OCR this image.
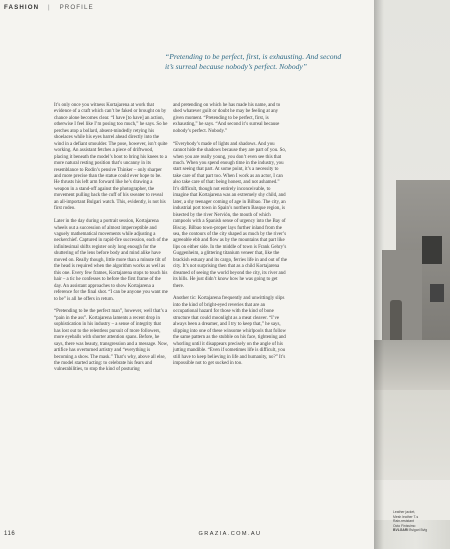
FASHION | PROFILE
“Pretending to be perfect, first, is exhausting. And second it’s surreal because nobody’s perfect. Nobody”

It’s only once you witness Kortajarena at work that evidence of a craft which can’t be faked or brought on by chance alone becomes clear. “I have [to have] an action, otherwise I feel like I’m posing too much,” he says. So he perches atop a bollard, absent-mindedly retying his shoelaces while his eyes barrel ahead directly into the wind in a defiant smoulder. The pose, however, isn’t quite working. An assistant fetches a piece of driftwood, placing it beneath the model’s boot to bring his knees to a more natural resting position that’s uncanny in its resemblance to Rodin’s pensive Thinker – only sharper and more precise than the statue could ever hope to be. He thrusts his left arm forward like he’s drawing a weapon in a stand-off against the photographer, the movement pulling back the cuff of his sweater to reveal an all-important Bulgari watch. This, evidently, is not his first rodeo.

Later in the day during a portrait session, Kortajarena wheels out a succession of almost imperceptible and vaguely mathematical movements while adjusting a neckerchief. Captured in rapid-fire succession, each of the infinitesimal shifts register only long enough for the shuttering of the lens before body and mind alike have moved on. Really though, little more than a minute tilt of the head is required when the algorithm works as well as this one. Every few frames, Kortajarena stops to touch his hair – a tic he confesses to before the first frame of the day. An assistant approaches to show Kortajarena a reference for the final shot. “I can be anyone you want me to be” is all he offers in return.

“Pretending to be the perfect man”, however, well that’s a “pain in the ass”. Kortajarena laments a recent drop in sophistication in his industry – a sense of integrity that has lost out to the relentless pursuit of more followers, more eyeballs with shorter attention spans. Before, he says, there was beauty, transgression and a message. Now, artifice has overturned artistry and “everything is becoming a show. The mask.” That’s why, above all else, the model started acting: to celebrate his fears and vulnerabilities, to stop the kind of posturing

and pretending on which he has made his name, and to shed whatever guilt or doubt he may be feeling at any given moment. “Pretending to be perfect, first, is exhausting,” he says. “And second it’s surreal because nobody’s perfect. Nobody.”

“Everybody’s made of lights and shadows. And you cannot hide the shadows because they are part of you. So, when you are really young, you don’t even see this that much. When you spend enough time in the industry, you start seeing that part. At some point, it’s a necessity to take care of that part too. When I work as an actor, I can also take care of that: being honest, and not ashamed.” It’s difficult, though not entirely inconceivable, to imagine that Kortajarena was an extremely shy child, and later, a shy teenager coming of age in Bilbao. The city, an industrial port town in Spain’s northern Basque region, is bisected by the river Nervión, the mouth of which rampools with a Spanish sense of urgency into the Bay of Biscay. Bilbao town-proper lays further inland from the sea, the contours of the city shaped as much by the river’s agreeable ebb and flow as by the mountains that part like lips on either side. In the middle of town is Frank Gehry’s Guggenheim, a glittering titanium veneer that, like the brackish estuary and its cargo, ferries life in and out of the city. It’s not surprising then that as a child Kortajarena dreamed of seeing the world beyond the city, its river and its hills. He just didn’t know how he was going to get there.

Another tic: Kortajarena frequently and unwittingly slips into the kind of bright-eyed reveries that are an occupational hazard for those with the kind of bone structure that could moonlight as a meat cleaver. “I’ve always been a dreamer, and I try to keep that,” he says, slipping into one of these winsome whirlpools that follow the same pattern as the stubble on his face, tightening and whorling until it disappears precisely on the angle of his jutting mandible. “Even if sometimes life is difficult, you still have to keep believing in life and humanity, no?” It’s impossible not to get sucked in too.

Leather jacket,
Mesh leather T-s
Rain-resistant
Octo Finissimo
BVLGARI Bvlgari Bvlg
116	GRAZIA.COM.AU
